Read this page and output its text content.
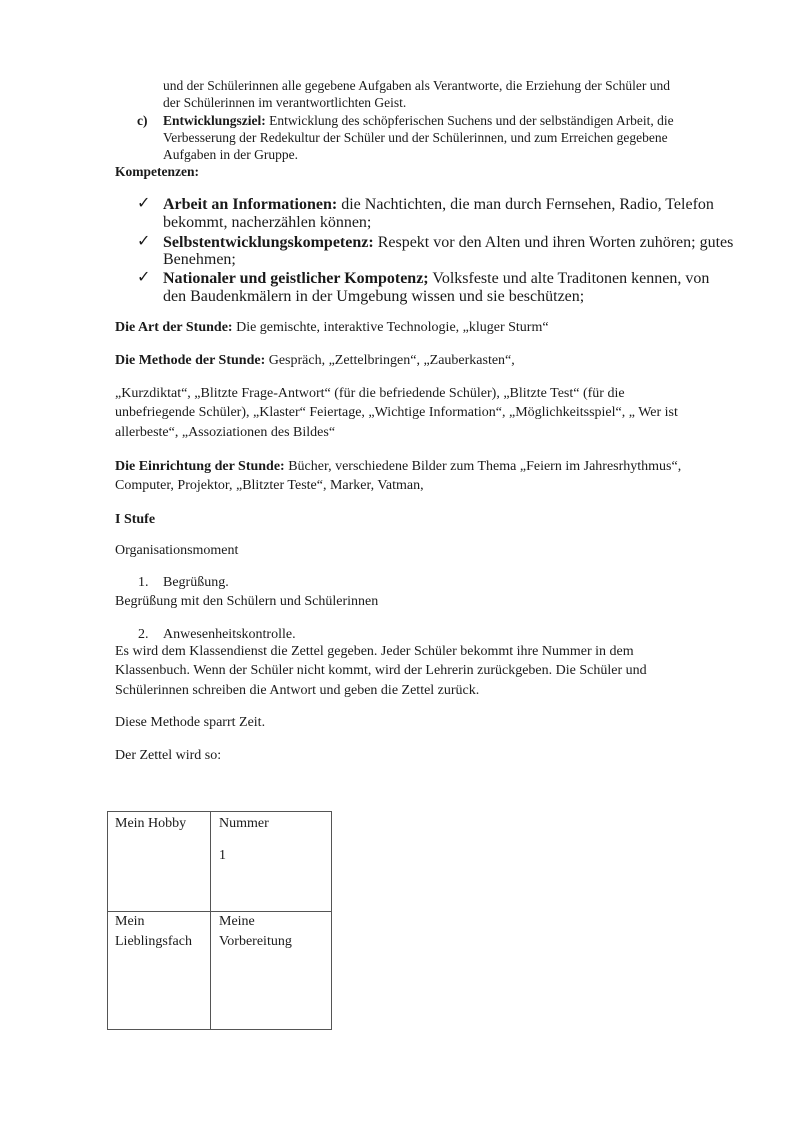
und der Schülerinnen alle gegebene Aufgaben als Verantworte, die Erziehung der Schüler und
der Schülerinnen im verantwortlichten Geist.
c) Entwicklungsziel: Entwicklung des schöpferischen Suchens und der selbständigen Arbeit, die
Verbesserung der Redekultur der Schüler und der Schülerinnen, und zum Erreichen gegebene
Aufgaben in der Gruppe.
Kompetenzen:
✓ Arbeit an Informationen: die Nachtichten, die man durch Fernsehen, Radio, Telefon
bekommt, nacherzählen können;
✓ Selbstentwicklungskompetenz: Respekt vor den Alten und ihren Worten zuhören; gutes
Benehmen;
✓ Nationaler und geistlicher Kompotenz; Volksfeste und alte Traditonen kennen, von
den Baudenkmälern in der Umgebung wissen und sie beschützen;
Die Art der Stunde: Die gemischte, interaktive Technologie, „kluger Sturm“
Die Methode der Stunde: Gespräch, „Zettelbringen“, „Zauberkasten“,
„Kurzdiktat“, „Blitzte Frage-Antwort“ (für die befriedende Schüler), „Blitzte Test“ (für die
unbefriegende Schüler), „Klaster“ Feiertage, „Wichtige Information“, „Möglichkeitsspiel“, „ Wer ist
allerbeste“, „Assoziationen des Bildes“
Die Einrichtung der Stunde: Bücher, verschiedene Bilder zum Thema „Feiern im Jahresrhythmus“,
Computer, Projektor, „Blitzter Teste“, Marker, Vatman,
I Stufe
Organisationsmoment
1. Begrüßung.
Begrüßung mit den Schülern und Schülerinnen
2. Anwesenheitskontrolle.
Es wird dem Klassendienst die Zettel gegeben. Jeder Schüler bekommt ihre Nummer in dem
Klassenbuch. Wenn der Schüler nicht kommt, wird der Lehrerin zurückgeben. Die Schüler und
Schülerinnen schreiben die Antwort und geben die Zettel zurück.
Diese Methode sparrt Zeit.
Der Zettel wird so:
Mein Hobby Nummer
1
Mein
Lieblingsfach
Meine
Vorbereitung
